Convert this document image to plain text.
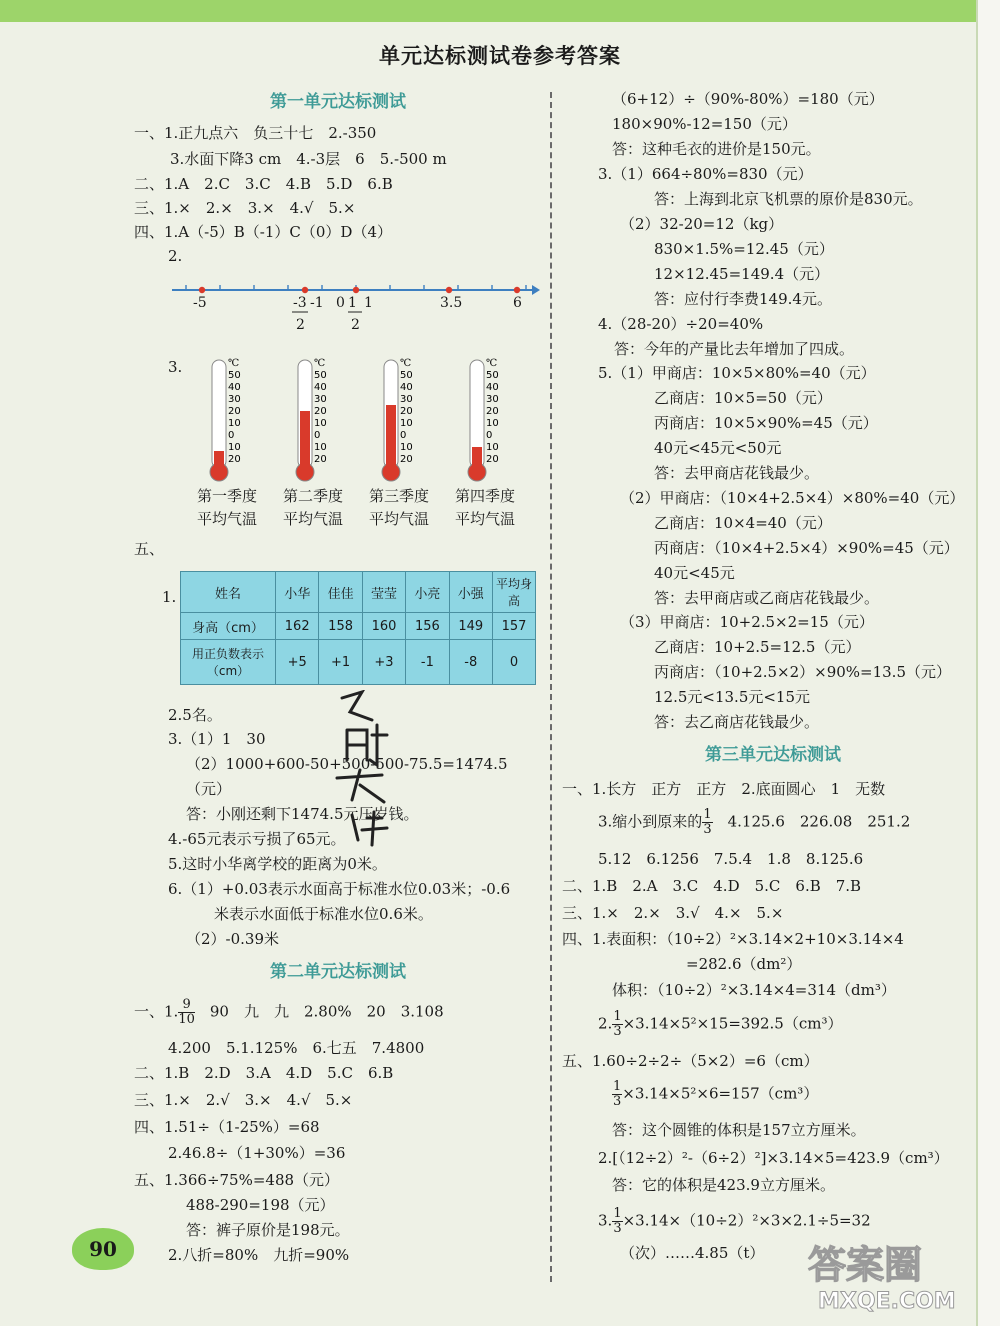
单元达标测试卷参考答案
第一单元达标测试
一、1.正九点六　负三十七　2.-350
3.水面下降3 cm　4.-3层　6　5.-500 m
二、1.A　2.C　3.C　4.B　5.D　6.B
三、1.×　2.×　3.×　4.√　5.×
四、1.A（-5）B（-1）C（0）D（4）
2.
3.
五、
1.
2.5名。
3.（1）1　30
（2）1000+600-50+500-500-75.5=1474.5
（元）
答：小刚还剩下1474.5元压岁钱。
4.-65元表示亏损了65元。
5.这时小华离学校的距离为0米。
6.（1）+0.03表示水面高于标准水位0.03米；-0.6
米表示水面低于标准水位0.6米。
（2）-0.39米
第二单元达标测试
一、1. $\frac{9}{10}$
　 90　九　九　2.80%　20　3.108
4.200　5.1.125%　6.七五　7.4800
二、1.B　2.D　3.A　4.D　5.C　6.B
三、1.×　2.√　3.×　4.√　5.×
四、1.51÷（1-25%）=68
2.46.8÷（1+30%）=36
五、1.366÷75%=488（元）
488-290=198（元）
答：裤子原价是198元。
2.八折=80%　九折=90%
-5	-3
2
-1 0 1 1
2
3.5	6
℃
50
40
30
20
10
0
10
20
℃
50
40
30
20
10
0
10
20
℃
50
40
30
20
10
0
10
20
℃
50
40
30
20
10
0
10
20
第一季度
平均气温
第二季度
平均气温
第三季度
平均气温
第四季度
平均气温
姓名	小华	佳佳	莹莹	小亮	小强	平均身高
身高（cm）	162	158	160	156	149	157
用正负数表示（cm）	+5	+1	+3	-1	-8	0
（6+12）÷（90%-80%）=180（元）
180×90%-12=150（元）
答：这种毛衣的进价是150元。
3.（1）664÷80%=830（元）
答：上海到北京飞机票的原价是830元。
（2）32-20=12（kg）
830×1.5%=12.45（元）
12×12.45=149.4（元）
答：应付行李费149.4元。
4.（28-20）÷20=40%
答：今年的产量比去年增加了四成。
5.（1）甲商店：10×5×80%=40（元）
乙商店：10×5=50（元）
丙商店：10×5×90%=45（元）
40元<45元<50元
答：去甲商店花钱最少。
（2）甲商店：（10×4+2.5×4）×80%=40（元）
乙商店：10×4=40（元）
丙商店：（10×4+2.5×4）×90%=45（元）
40元<45元
答：去甲商店或乙商店花钱最少。
（3）甲商店：10+2.5×2=15（元）
乙商店：10+2.5=12.5（元）
丙商店：（10+2.5×2）×90%=13.5（元）
12.5元<13.5元<15元
答：去乙商店花钱最少。
第三单元达标测试
一、1.长方　正方　正方　2.底面圆心　1　无数
3.缩小到原来的 $\frac{1}{3}$
　 4.125.6　226.08　251.2
5.12　6.1256　7.5.4　1.8　8.125.6
二、1.B　2.A　3.C　4.D　5.C　6.B　7.B
三、1.×　2.×　3.√　4.×　5.×
四、1.表面积：（10÷2）²×3.14×2+10×3.14×4
=282.6（dm²）
体积：（10÷2）²×3.14×4=314（dm³）
2. $\frac{1}{3} \times 3.14\times 5^2\times 15=392.5(cm^3)$
五、1.60÷2÷2÷（5×2）=6（cm）
$\frac{1}{3} \times 3.14\times 5^2\times 6=157(cm^3)$
答：这个圆锥的体积是157立方厘米。
2.[（12÷2）²-（6÷2）²]×3.14×5=423.9（cm³）
答：它的体积是423.9立方厘米。
3. $\frac{1}{3} \times 3.14\times(10\div 2)^2\times 3\times 2.1\div 5=32$
（次）……4.85（t）
90	答案圈
MXQE.COM
